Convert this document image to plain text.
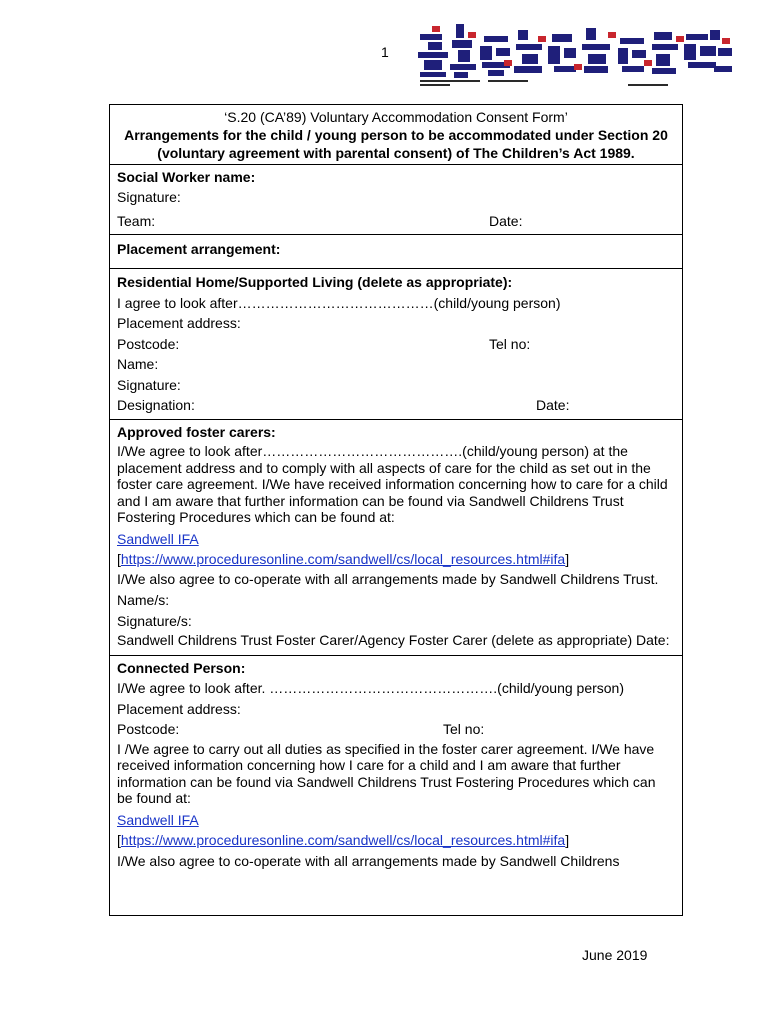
1
‘S.20 (CA’89) Voluntary Accommodation Consent Form’
Arrangements for the child / young person to be accommodated under Section 20 (voluntary agreement with parental consent) of The Children’s Act 1989.
Social Worker name:
Signature:
Team:	Date:
Placement arrangement:
Residential Home/Supported Living (delete as appropriate):
I agree to look after……………………………………(child/young person)
Placement address:
Postcode:	Tel no:
Name:
Signature:
Designation:	Date:
Approved foster carers:
I/We agree to look after…………………………………….(child/young person) at the placement address and to comply with all aspects of care for the child as set out in the foster care agreement. I/We have received information concerning how to care for a child and I am aware that further information can be found via Sandwell Childrens Trust Fostering Procedures which can be found at:
Sandwell IFA
[https://www.proceduresonline.com/sandwell/cs/local_resources.html#ifa]
I/We also agree to co-operate with all arrangements made by Sandwell Childrens Trust.
Name/s:
Signature/s:
Sandwell Childrens Trust Foster Carer/Agency Foster Carer (delete as appropriate) Date:
Connected Person:
I/We agree to look after. ………………………………………….(child/young person)
Placement address:
Postcode:	Tel no:
I /We agree to carry out all duties as specified in the foster carer agreement. I/We have received information concerning how I care for a child and I am aware that further information can be found via Sandwell Childrens Trust Fostering Procedures which can be found at:
Sandwell IFA
[https://www.proceduresonline.com/sandwell/cs/local_resources.html#ifa]
I/We also agree to co-operate with all arrangements made by Sandwell Childrens
June 2019
